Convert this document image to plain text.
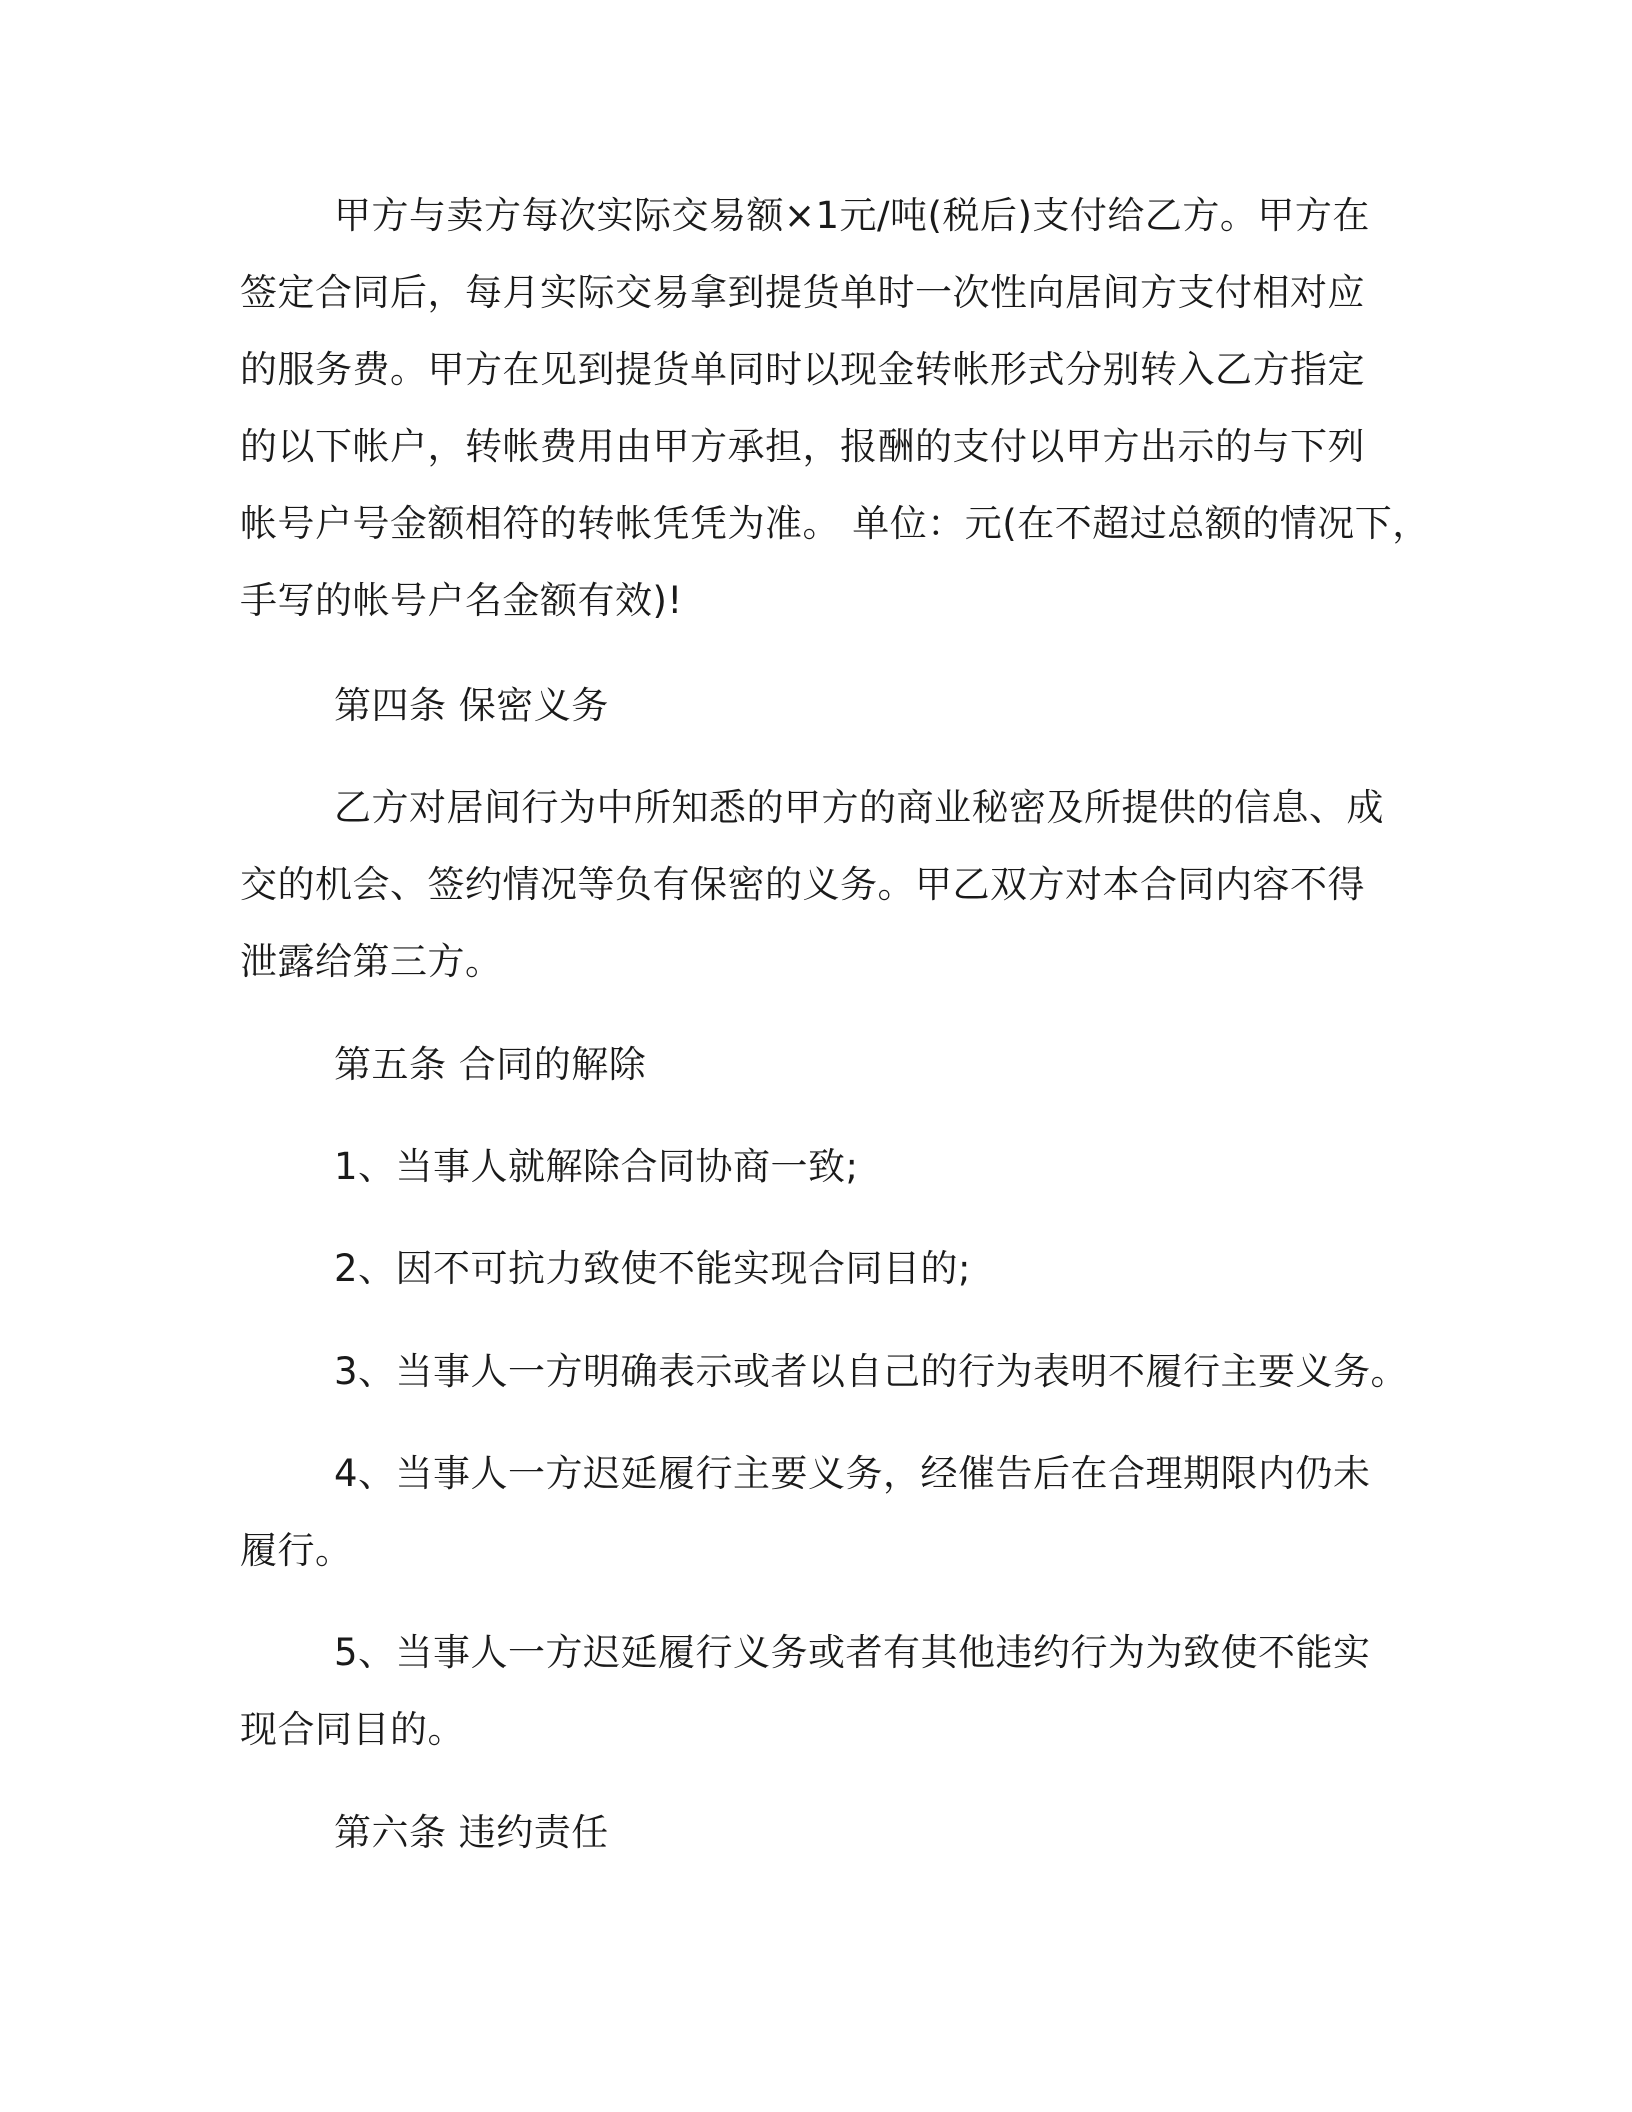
甲方与卖方每次实际交易额×1元/吨(税后)支付给乙方。甲方在
签定合同后，每月实际交易拿到提货单时一次性向居间方支付相对应
的服务费。甲方在见到提货单同时以现金转帐形式分别转入乙方指定
的以下帐户，转帐费用由甲方承担，报酬的支付以甲方出示的与下列
帐号户号金额相符的转帐凭凭为准。 单位：元(在不超过总额的情况下，
手写的帐号户名金额有效)!

第四条 保密义务

乙方对居间行为中所知悉的甲方的商业秘密及所提供的信息、成
交的机会、签约情况等负有保密的义务。甲乙双方对本合同内容不得
泄露给第三方。

第五条 合同的解除

1、当事人就解除合同协商一致;

2、因不可抗力致使不能实现合同目的;

3、当事人一方明确表示或者以自己的行为表明不履行主要义务。

4、当事人一方迟延履行主要义务，经催告后在合理期限内仍未
履行。

5、当事人一方迟延履行义务或者有其他违约行为为致使不能实
现合同目的。

第六条 违约责任
